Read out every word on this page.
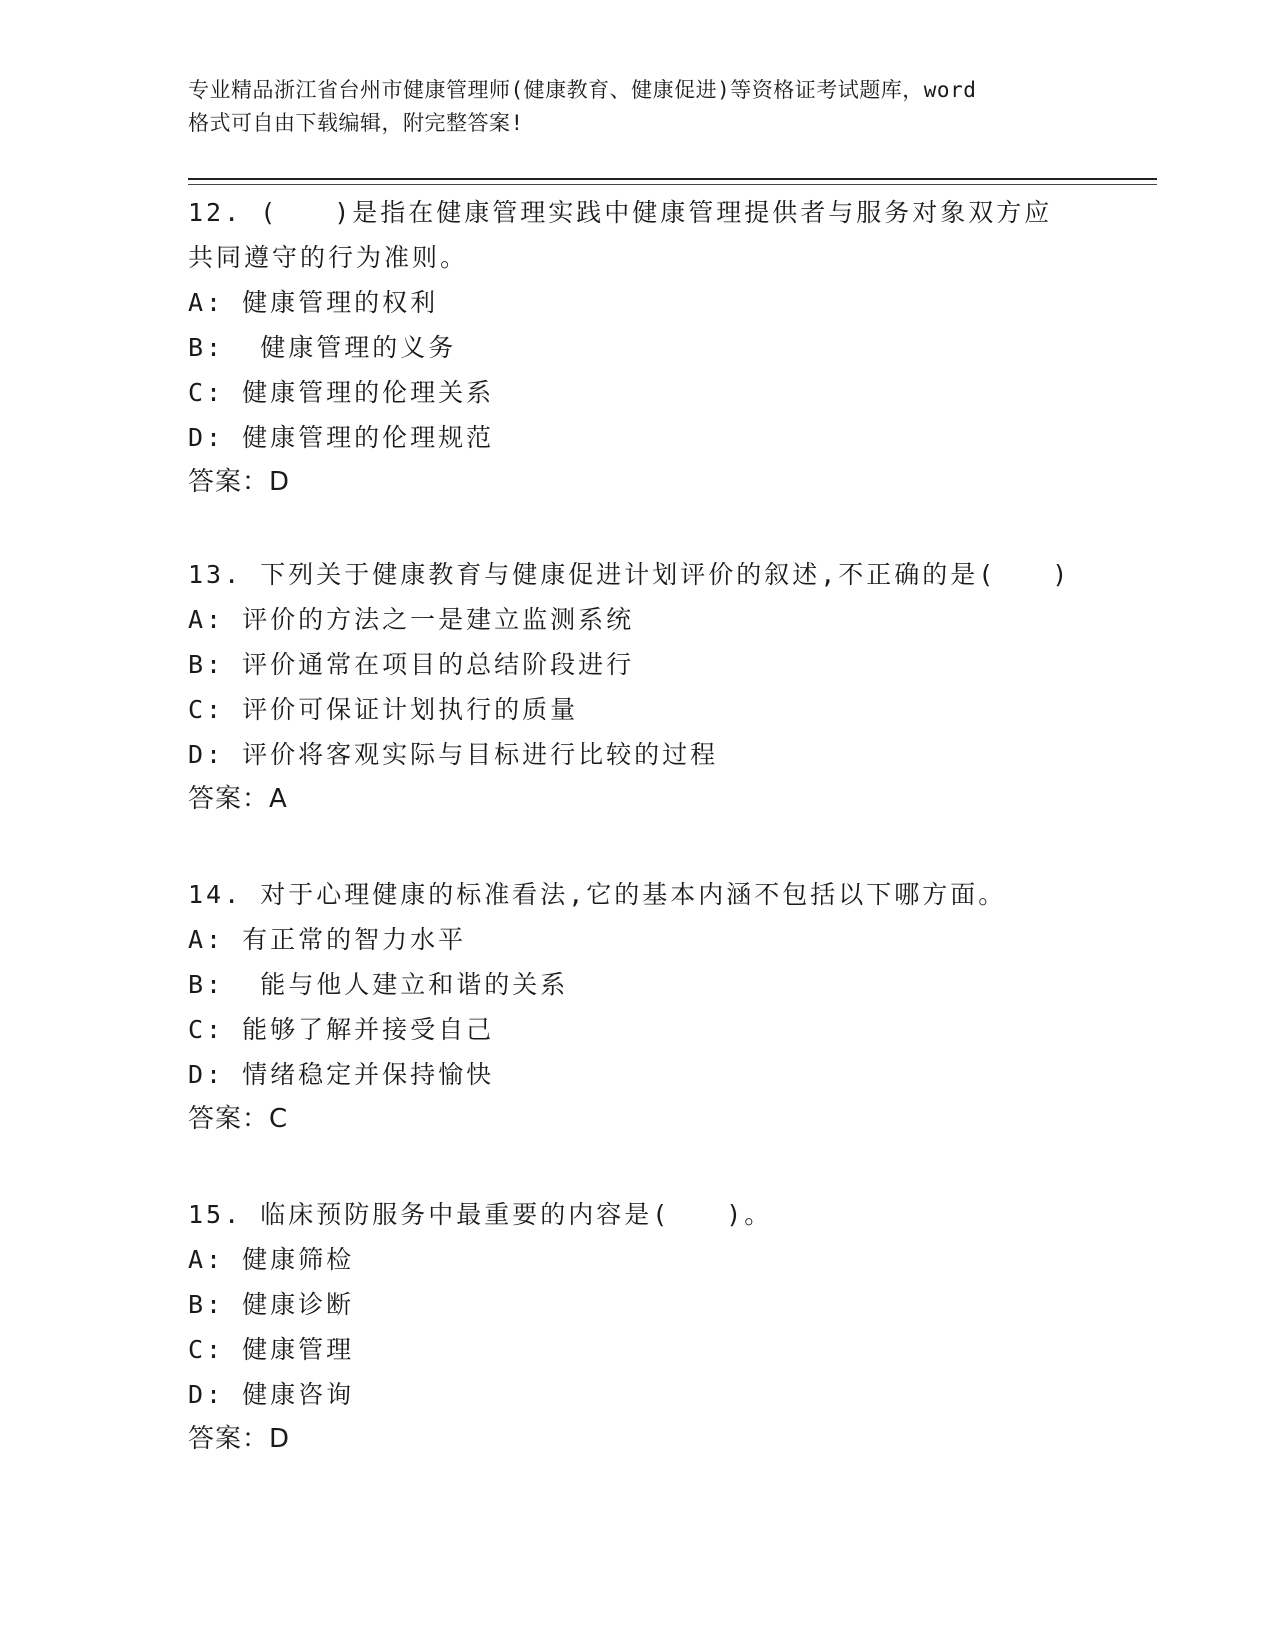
专业精品浙江省台州市健康管理师(健康教育、健康促进)等资格证考试题库，word
格式可自由下载编辑，附完整答案!

12. (　　)是指在健康管理实践中健康管理提供者与服务对象双方应

共同遵守的行为准则。

A: 健康管理的权利

B:  健康管理的义务

C: 健康管理的伦理关系

D: 健康管理的伦理规范

答案：D

13. 下列关于健康教育与健康促进计划评价的叙述,不正确的是(　　)

A: 评价的方法之一是建立监测系统

B: 评价通常在项目的总结阶段进行

C: 评价可保证计划执行的质量

D: 评价将客观实际与目标进行比较的过程

答案：A

14. 对于心理健康的标准看法,它的基本内涵不包括以下哪方面。

A: 有正常的智力水平

B:  能与他人建立和谐的关系

C: 能够了解并接受自己

D: 情绪稳定并保持愉快

答案：C

15. 临床预防服务中最重要的内容是(　　)。

A: 健康筛检

B: 健康诊断

C: 健康管理

D: 健康咨询

答案：D
